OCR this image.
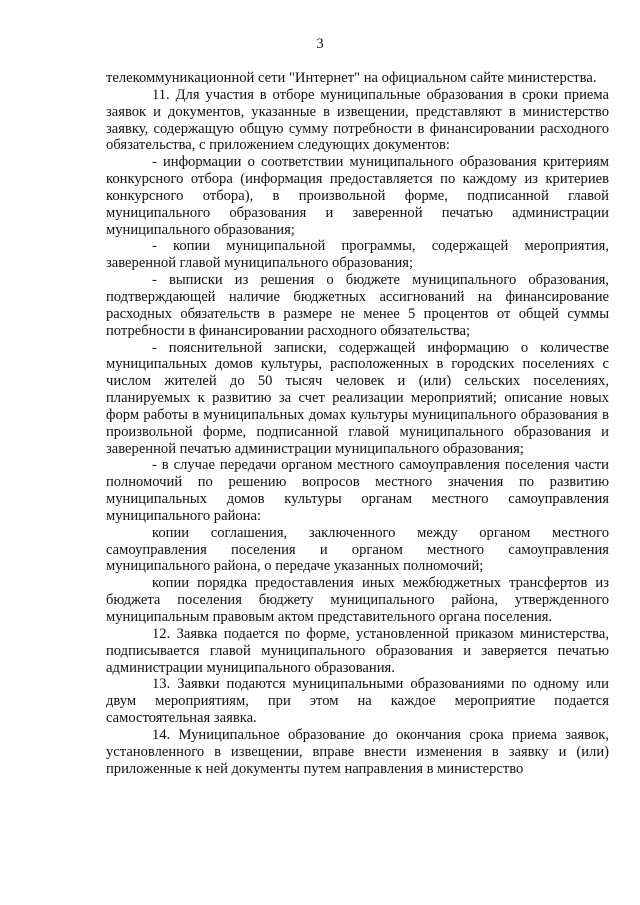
3

телекоммуникационной сети "Интернет" на официальном сайте министерства.

11. Для участия в отборе муниципальные образования в сроки приема заявок и документов, указанные в извещении, представляют в министерство заявку, содержащую общую сумму потребности в финансировании расходного обязательства, с приложением следующих документов:

- информации о соответствии муниципального образования критериям конкурсного отбора (информация предоставляется по каждому из критериев конкурсного отбора), в произвольной форме, подписанной главой муниципального образования и заверенной печатью администрации муниципального образования;

- копии муниципальной программы, содержащей мероприятия, заверенной главой муниципального образования;

- выписки из решения о бюджете муниципального образования, подтверждающей наличие бюджетных ассигнований на финансирование расходных обязательств в размере не менее 5 процентов от общей суммы потребности в финансировании расходного обязательства;

- пояснительной записки, содержащей информацию о количестве муниципальных домов культуры, расположенных в городских поселениях с числом жителей до 50 тысяч человек и (или) сельских поселениях, планируемых к развитию за счет реализации мероприятий; описание новых форм работы в муниципальных домах культуры муниципального образования в произвольной форме, подписанной главой муниципального образования и заверенной печатью администрации муниципального образования;

- в случае передачи органом местного самоуправления поселения части полномочий по решению вопросов местного значения по развитию муниципальных домов культуры органам местного самоуправления муниципального района:

копии соглашения, заключенного между органом местного самоуправления поселения и органом местного самоуправления муниципального района, о передаче указанных полномочий;

копии порядка предоставления иных межбюджетных трансфертов из бюджета поселения бюджету муниципального района, утвержденного муниципальным правовым актом представительного органа поселения.

12. Заявка подается по форме, установленной приказом министерства, подписывается главой муниципального образования и заверяется печатью администрации муниципального образования.

13. Заявки подаются муниципальными образованиями по одному или двум мероприятиям, при этом на каждое мероприятие подается самостоятельная заявка.

14. Муниципальное образование до окончания срока приема заявок, установленного в извещении, вправе внести изменения в заявку и (или) приложенные к ней документы путем направления в министерство
